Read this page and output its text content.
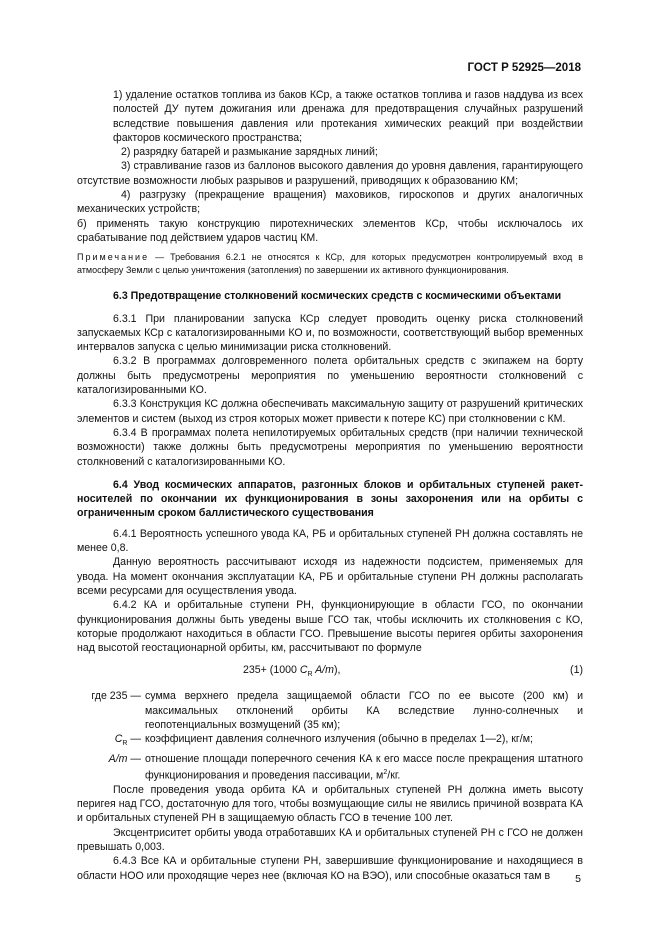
ГОСТ Р 52925—2018

1) удаление остатков топлива из баков КСр, а также остатков топлива и газов наддува из всех полостей ДУ путем дожигания или дренажа для предотвращения случайных разрушений вследствие повышения давления или протекания химических реакций при воздействии факторов космического пространства;

2) разрядку батарей и размыкание зарядных линий;

3) стравливание газов из баллонов высокого давления до уровня давления, гарантирующего отсутствие возможности любых разрывов и разрушений, приводящих к образованию КМ;

4) разгрузку (прекращение вращения) маховиков, гироскопов и других аналогичных механических устройств;

б) применять такую конструкцию пиротехнических элементов КСр, чтобы исключалось их срабатывание под действием ударов частиц КМ.

Примечание — Требования 6.2.1 не относятся к КСр, для которых предусмотрен контролируемый вход в атмосферу Земли с целью уничтожения (затопления) по завершении их активного функционирования.

6.3 Предотвращение столкновений космических средств с космическими объектами

6.3.1 При планировании запуска КСр следует проводить оценку риска столкновений запускаемых КСр с каталогизированными КО и, по возможности, соответствующий выбор временных интервалов запуска с целью минимизации риска столкновений.

6.3.2 В программах долговременного полета орбитальных средств с экипажем на борту должны быть предусмотрены мероприятия по уменьшению вероятности столкновений с каталогизированными КО.

6.3.3 Конструкция КС должна обеспечивать максимальную защиту от разрушений критических элементов и систем (выход из строя которых может привести к потере КС) при столкновении с КМ.

6.3.4 В программах полета непилотируемых орбитальных средств (при наличии технической возможности) также должны быть предусмотрены мероприятия по уменьшению вероятности столкновений с каталогизированными КО.

6.4 Увод космических аппаратов, разгонных блоков и орбитальных ступеней ракет-носителей по окончании их функционирования в зоны захоронения или на орбиты с ограниченным сроком баллистического существования

6.4.1 Вероятность успешного увода КА, РБ и орбитальных ступеней РН должна составлять не менее 0,8.

Данную вероятность рассчитывают исходя из надежности подсистем, применяемых для увода. На момент окончания эксплуатации КА, РБ и орбитальные ступени РН должны располагать всеми ресурсами для осуществления увода.

6.4.2 КА и орбитальные ступени РН, функционирующие в области ГСО, по окончании функционирования должны быть уведены выше ГСО так, чтобы исключить их столкновения с КО, которые продолжают находиться в области ГСО. Превышение высоты перигея орбиты захоронения над высотой геостационарной орбиты, км, рассчитывают по формуле

235+ (1000 $C_R$ A/m),	(1)
где 235 — сумма верхнего предела защищаемой области ГСО по ее высоте (200 км) и максимальных отклонений орбиты КА вследствие лунно-солнечных и геопотенциальных возмущений (35 км);
$C_R$ — коэффициент давления солнечного излучения (обычно в пределах 1—2), кг/м;
A/m — отношение площади поперечного сечения КА к его массе после прекращения штатного функционирования и проведения пассивации, $м^2/кг$.

После проведения увода орбита КА и орбитальных ступеней РН должна иметь высоту перигея над ГСО, достаточную для того, чтобы возмущающие силы не явились причиной возврата КА и орбитальных ступеней РН в защищаемую область ГСО в течение 100 лет.

Эксцентриситет орбиты увода отработавших КА и орбитальных ступеней РН с ГСО не должен превышать 0,003.

6.4.3 Все КА и орбитальные ступени РН, завершившие функционирование и находящиеся в области НОО или проходящие через нее (включая КО на ВЭО), или способные оказаться там в	5
